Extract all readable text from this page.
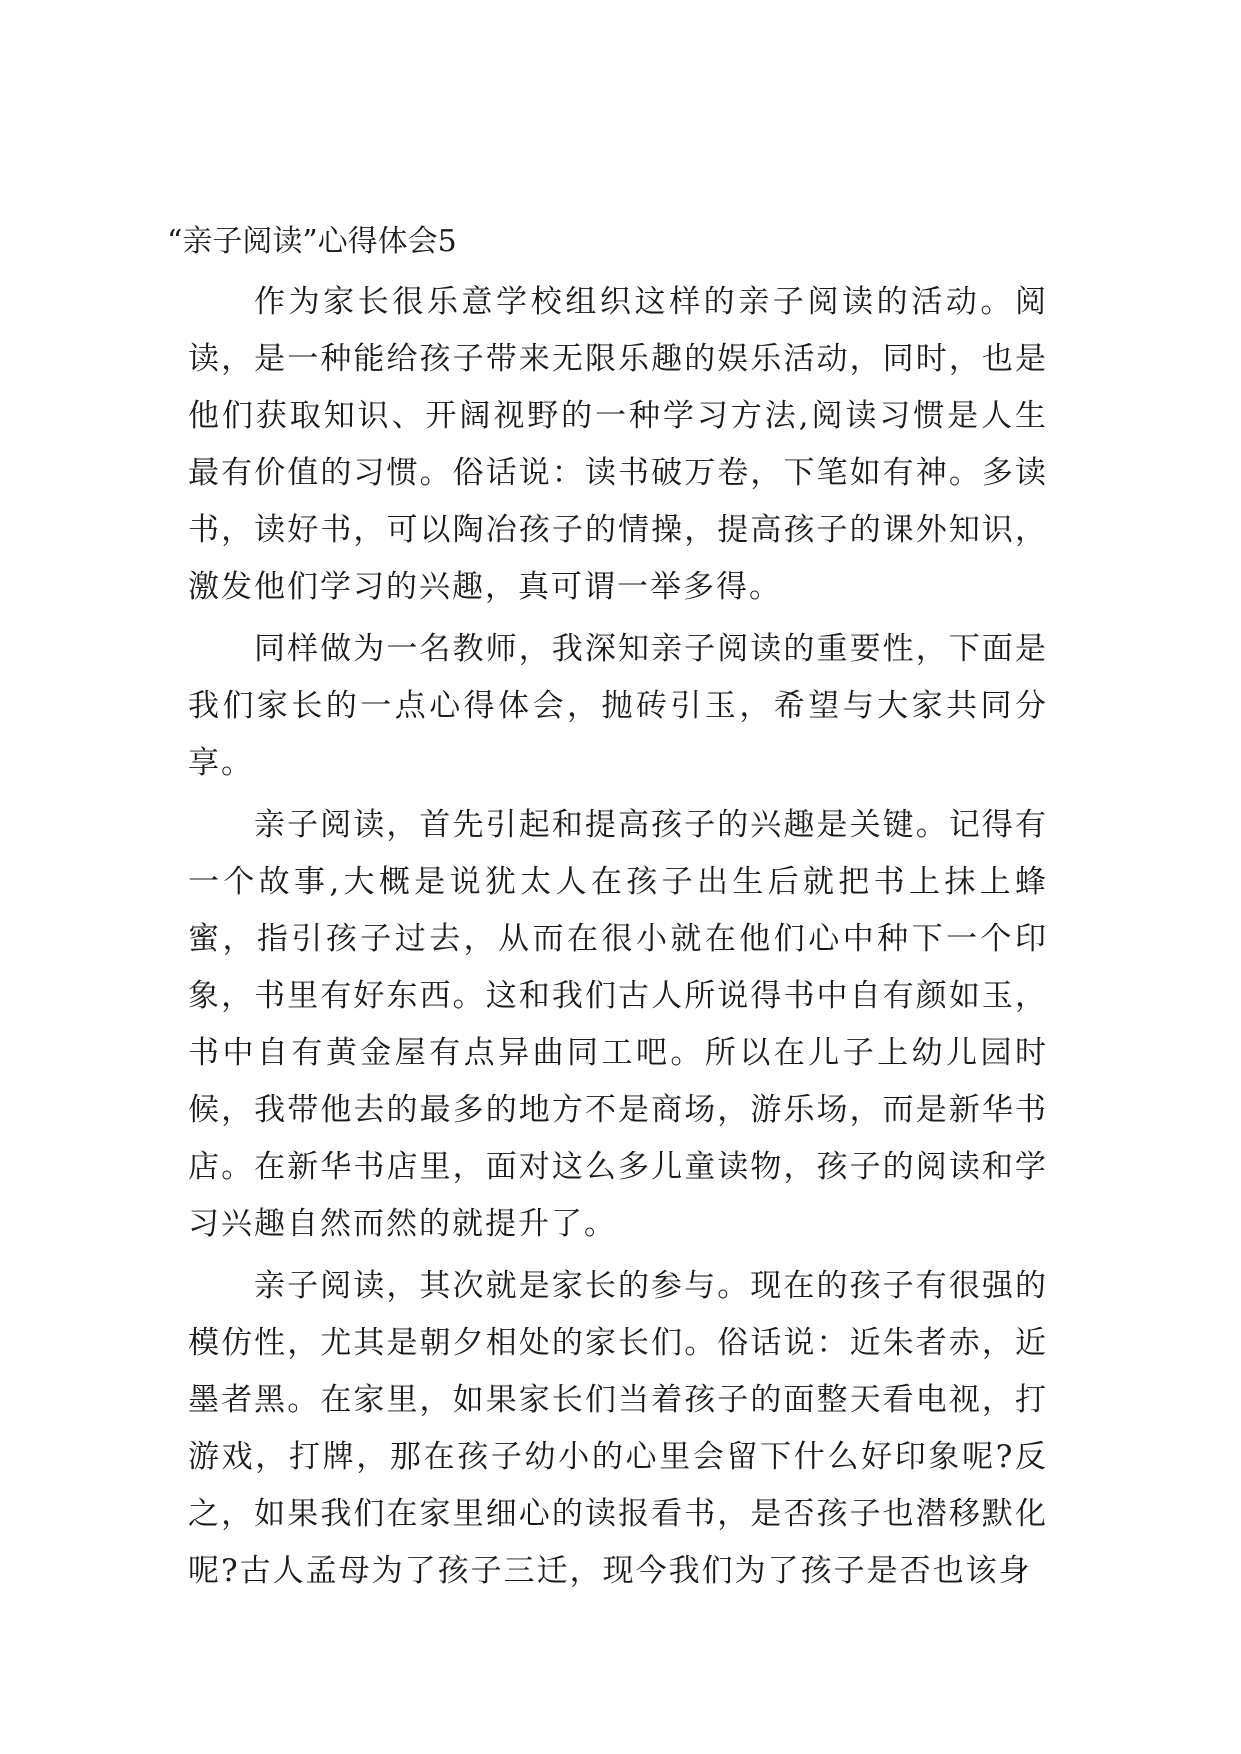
“亲子阅读”心得体会5

作为家长很乐意学校组织这样的亲子阅读的活动。阅读，是一种能给孩子带来无限乐趣的娱乐活动，同时，也是他们获取知识、开阔视野的一种学习方法,阅读习惯是人生最有价值的习惯。俗话说：读书破万卷，下笔如有神。多读书，读好书，可以陶冶孩子的情操，提高孩子的课外知识，激发他们学习的兴趣，真可谓一举多得。

同样做为一名教师，我深知亲子阅读的重要性，下面是我们家长的一点心得体会，抛砖引玉，希望与大家共同分享。

亲子阅读，首先引起和提高孩子的兴趣是关键。记得有一个故事,大概是说犹太人在孩子出生后就把书上抹上蜂蜜，指引孩子过去，从而在很小就在他们心中种下一个印象，书里有好东西。这和我们古人所说得书中自有颜如玉，书中自有黄金屋有点异曲同工吧。所以在儿子上幼儿园时候，我带他去的最多的地方不是商场，游乐场，而是新华书店。在新华书店里，面对这么多儿童读物，孩子的阅读和学习兴趣自然而然的就提升了。

亲子阅读，其次就是家长的参与。现在的孩子有很强的模仿性，尤其是朝夕相处的家长们。俗话说：近朱者赤，近墨者黑。在家里，如果家长们当着孩子的面整天看电视，打游戏，打牌，那在孩子幼小的心里会留下什么好印象呢?反之，如果我们在家里细心的读报看书，是否孩子也潜移默化呢?古人孟母为了孩子三迁，现今我们为了孩子是否也该身
